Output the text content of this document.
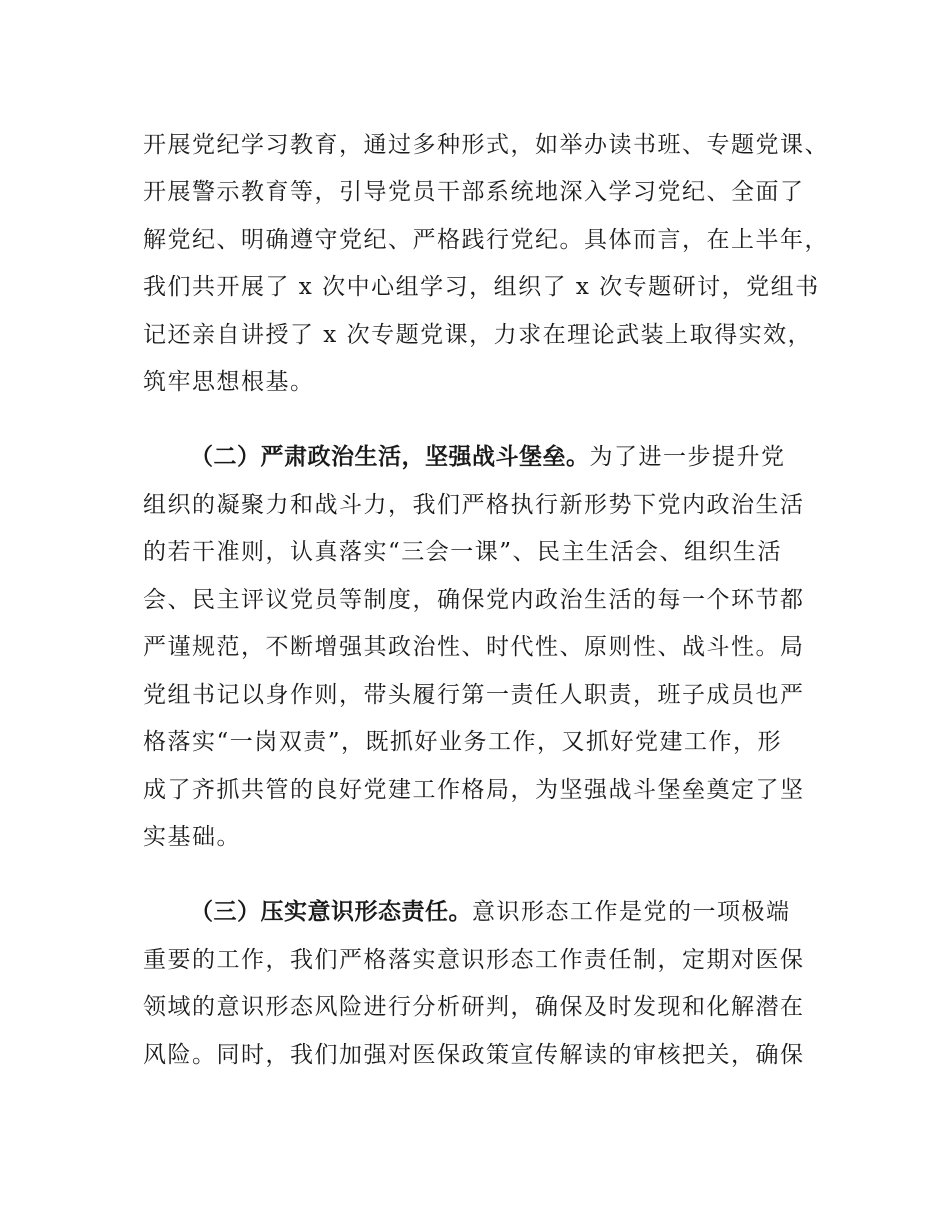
开展党纪学习教育，通过多种形式，如举办读书班、专题党课、
开展警示教育等，引导党员干部系统地深入学习党纪、全面了
解党纪、明确遵守党纪、严格践行党纪。具体而言，在上半年，
我们共开展了 x 次中心组学习，组织了 x 次专题研讨，党组书
记还亲自讲授了 x 次专题党课，力求在理论武装上取得实效，
筑牢思想根基。
（二）严肃政治生活，坚强战斗堡垒。为了进一步提升党
组织的凝聚力和战斗力，我们严格执行新形势下党内政治生活
的若干准则，认真落实“三会一课”、民主生活会、组织生活
会、民主评议党员等制度，确保党内政治生活的每一个环节都
严谨规范，不断增强其政治性、时代性、原则性、战斗性。局
党组书记以身作则，带头履行第一责任人职责，班子成员也严
格落实“一岗双责”，既抓好业务工作，又抓好党建工作，形
成了齐抓共管的良好党建工作格局，为坚强战斗堡垒奠定了坚
实基础。
（三）压实意识形态责任。意识形态工作是党的一项极端
重要的工作，我们严格落实意识形态工作责任制，定期对医保
领域的意识形态风险进行分析研判，确保及时发现和化解潜在
风险。同时，我们加强对医保政策宣传解读的审核把关，确保
